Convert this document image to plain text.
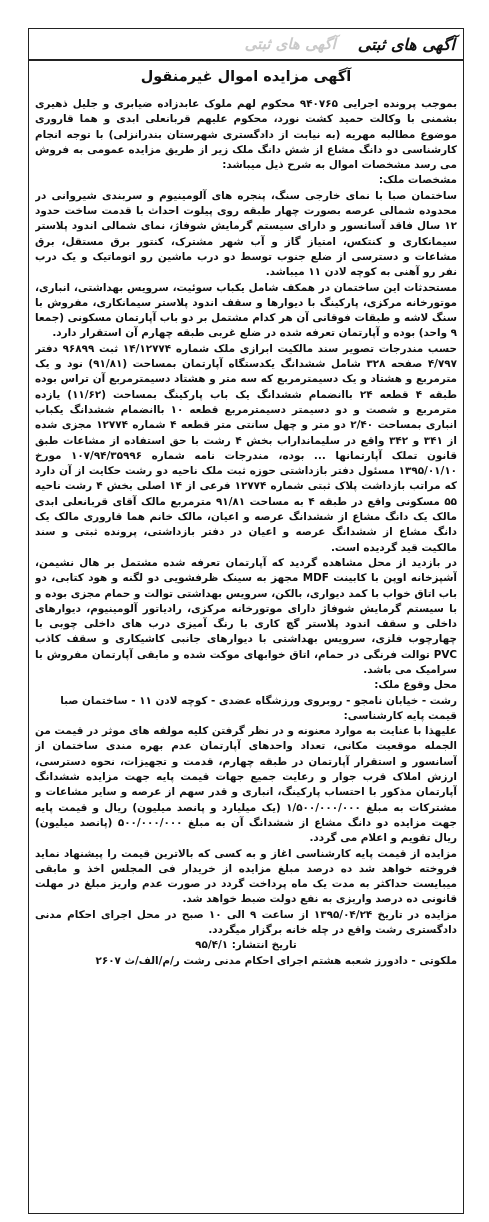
آگهی های ثبتی
آگهی های ثبتی
آگهی مزایده اموال غیرمنقول

بموجب پرونده اجرایی ۹۴۰۷۶۵ محکوم لهم ملوک عابدزاده ضیابری و جلیل ذهیری بشمنی با وکالت حمید کشت نورد، محکوم علیهم قربانعلی ابدی و هما قاروری موضوع مطالبه مهریه (به نیابت از دادگستری شهرستان بندرانزلی) با توجه انجام کارشناسی دو دانگ مشاع از شش دانگ ملک زیر از طریق مزایده عمومی به فروش می رسد مشخصات اموال به شرح ذیل میباشد:

مشخصات ملک:

ساختمان صبا با نمای خارجی سنگ، پنجره های آلومینیوم و سربندی شیروانی در محدوده شمالی عرصه بصورت چهار طبقه روی پیلوت احداث با قدمت ساخت حدود ۱۲ سال فاقد آسانسور و دارای سیستم گرمایش شوفاژ، نمای شمالی اندود پلاستر سیمانکاری و کنتکس، امتیاز گاز و آب شهر مشترک، کنتور برق مستقل، برق مشاعات و دسترسی از ضلع جنوب توسط دو درب ماشین رو اتوماتیک و یک درب نفر رو آهنی به کوچه لادن ۱۱ میباشد.

مستحدثات این ساختمان در همکف شامل یکباب سوئیت، سرویس بهداشتی، انباری، موتورخانه مرکزی، پارکینگ با دیوارها و سقف اندود پلاستر سیمانکاری، مفروش با سنگ لاشه و طبقات فوقانی آن هر کدام مشتمل بر دو باب آپارتمان مسکونی (جمعا ۹ واحد) بوده و آپارتمان تعرفه شده در ضلع غربی طبقه چهارم آن استقرار دارد.

حسب مندرجات تصویر سند مالکیت ابرازی ملک شماره ۱۴/۱۲۷۷۴ ثبت ۹۶۸۹۹ دفتر ۴/۷۹۷ صفحه ۳۲۸ شامل ششدانگ یکدستگاه آپارتمان بمساحت (۹۱/۸۱) نود و یک مترمربع و هشتاد و یک دسیمترمربع که سه متر و هشتاد دسیمترمربع آن تراس بوده طبقه ۴ قطعه ۲۴ باانضمام ششدانگ یک باب پارکینگ بمساحت (۱۱/۶۲) یازده مترمربع و شصت و دو دسیمتر دسیمترمربع قطعه ۱۰ باانضمام ششدانگ یکباب انباری بمساحت ۲/۴۰ دو متر و چهل سانتی متر قطعه ۴ شماره ۱۲۷۷۴ مجزی شده از ۳۴۱ و ۳۴۲ واقع در سلیمانداراب بخش ۴ رشت با حق استفاده از مشاعات طبق قانون تملک آپارتمانها ... بوده، مندرجات نامه شماره ۱۰۷/۹۴/۳۵۹۹۶ مورخ ۱۳۹۵/۰۱/۱۰ مسئول دفتر بازداشتی حوزه ثبت ملک ناحیه دو رشت حکایت از آن دارد که مراتب بازداشت پلاک ثبتی شماره ۱۲۷۷۴ فرعی از ۱۴ اصلی بخش ۴ رشت ناحیه ۵۵ مسکونی واقع در طبقه ۴ به مساحت ۹۱/۸۱ مترمربع مالک آقای قربانعلی ابدی مالک یک دانگ مشاع از ششدانگ عرصه و اعیان، مالک خانم هما قاروری مالک یک دانگ مشاع از ششدانگ عرصه و اعیان در دفتر بازداشتی، پرونده ثبتی و سند مالکیت قید گردیده است.

در بازدید از محل مشاهده گردید که آپارتمان تعرفه شده مشتمل بر هال نشیمن، آشپزخانه اوپن با کابینت MDF مجهز به سینک ظرفشویی دو لگنه و هود کتابی، دو باب اتاق خواب با کمد دیواری، بالکن، سرویس بهداشتی توالت و حمام مجزی بوده و با سیستم گرمایش شوفاژ دارای موتورخانه مرکزی، رادیاتور آلومینیوم، دیوارهای داخلی و سقف اندود پلاستر گچ کاری با رنگ آمیزی درب های داخلی چوبی با چهارچوب فلزی، سرویس بهداشتی با دیوارهای جانبی کاشیکاری و سقف کاذب PVC توالت فرنگی در حمام، اتاق خوابهای موکت شده و مابقی آپارتمان مفروش با سرامیک می باشد.

محل وقوع ملک:

رشت - خیابان نامجو - روبروی ورزشگاه عضدی - کوچه لادن ۱۱ - ساختمان صبا

قیمت پایه کارشناسی:

علیهذا با عنایت به موارد معنونه و در نظر گرفتن کلیه مولفه های موثر در قیمت من الجمله موقعیت مکانی، تعداد واحدهای آپارتمان عدم بهره مندی ساختمان از آسانسور و استقرار آپارتمان در طبقه چهارم، قدمت و تجهیزات، نحوه دسترسی، ارزش املاک قرب جوار و رعایت جمیع جهات قیمت پایه جهت مزایده ششدانگ آپارتمان مذکور با احتساب پارکینگ، انباری و قدر سهم از عرصه و سایر مشاعات و مشترکات به مبلغ ۱/۵۰۰/۰۰۰/۰۰۰ (یک میلیارد و پانصد میلیون) ریال و قیمت پایه جهت مزایده دو دانگ مشاع از ششدانگ آن به مبلغ ۵۰۰/۰۰۰/۰۰۰ (پانصد میلیون) ریال تقویم و اعلام می گردد.

مزایده از قیمت پایه کارشناسی اغاز و به کسی که بالاترین قیمت را پیشنهاد نماید فروخته خواهد شد ده درصد مبلغ مزایده از خریدار فی المجلس اخذ و مابقی میبایست حداکثر به مدت یک ماه پرداخت گردد در صورت عدم واریز مبلغ در مهلت قانونی ده درصد واریزی به نفع دولت ضبط خواهد شد.

مزایده در تاریخ ۱۳۹۵/۰۴/۲۴ از ساعت ۹ الی ۱۰ صبح در محل اجرای احکام مدنی دادگستری رشت واقع در چله خانه برگزار میگردد.

تاریخ انتشار: ۹۵/۴/۱

ملکوتی - دادورز شعبه هشتم اجرای احکام مدنی رشت ر/م/الف/ث ۲۶۰۷
